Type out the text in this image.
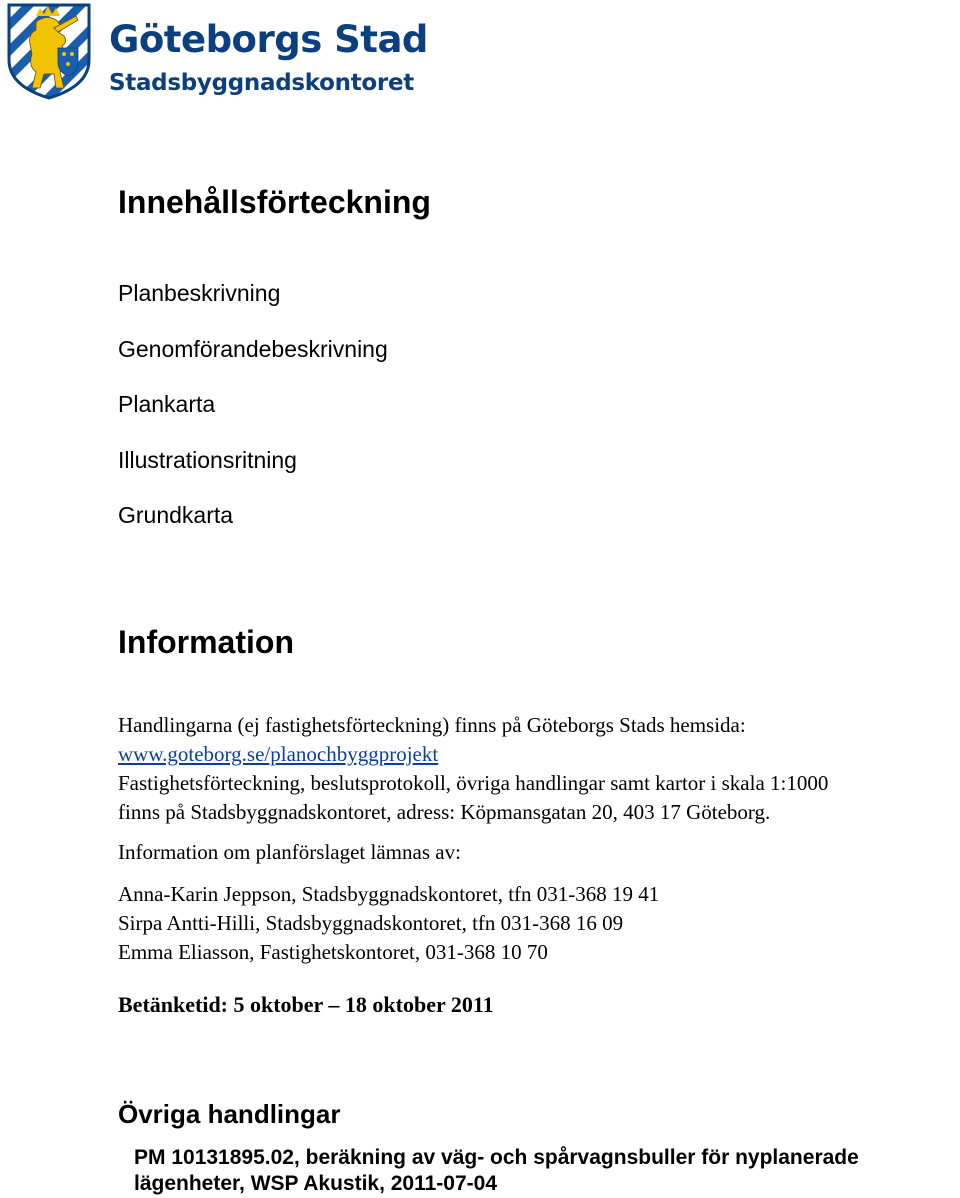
Göteborgs Stad
Stadsbyggnadskontoret
Innehållsförteckning
Planbeskrivning
Genomförandebeskrivning
Plankarta
Illustrationsritning
Grundkarta
Information
Handlingarna (ej fastighetsförteckning) finns på Göteborgs Stads hemsida:
www.goteborg.se/planochbyggprojekt
Fastighetsförteckning, beslutsprotokoll, övriga handlingar samt kartor i skala 1:1000
finns på Stadsbyggnadskontoret, adress: Köpmansgatan 20, 403 17 Göteborg.
Information om planförslaget lämnas av:
Anna-Karin Jeppson, Stadsbyggnadskontoret, tfn 031-368 19 41
Sirpa Antti-Hilli, Stadsbyggnadskontoret, tfn 031-368 16 09
Emma Eliasson, Fastighetskontoret, 031-368 10 70
Betänketid: 5 oktober – 18 oktober 2011
Övriga handlingar
PM 10131895.02, beräkning av väg- och spårvagnsbuller för nyplanerade lägenheter, WSP Akustik, 2011-07-04
